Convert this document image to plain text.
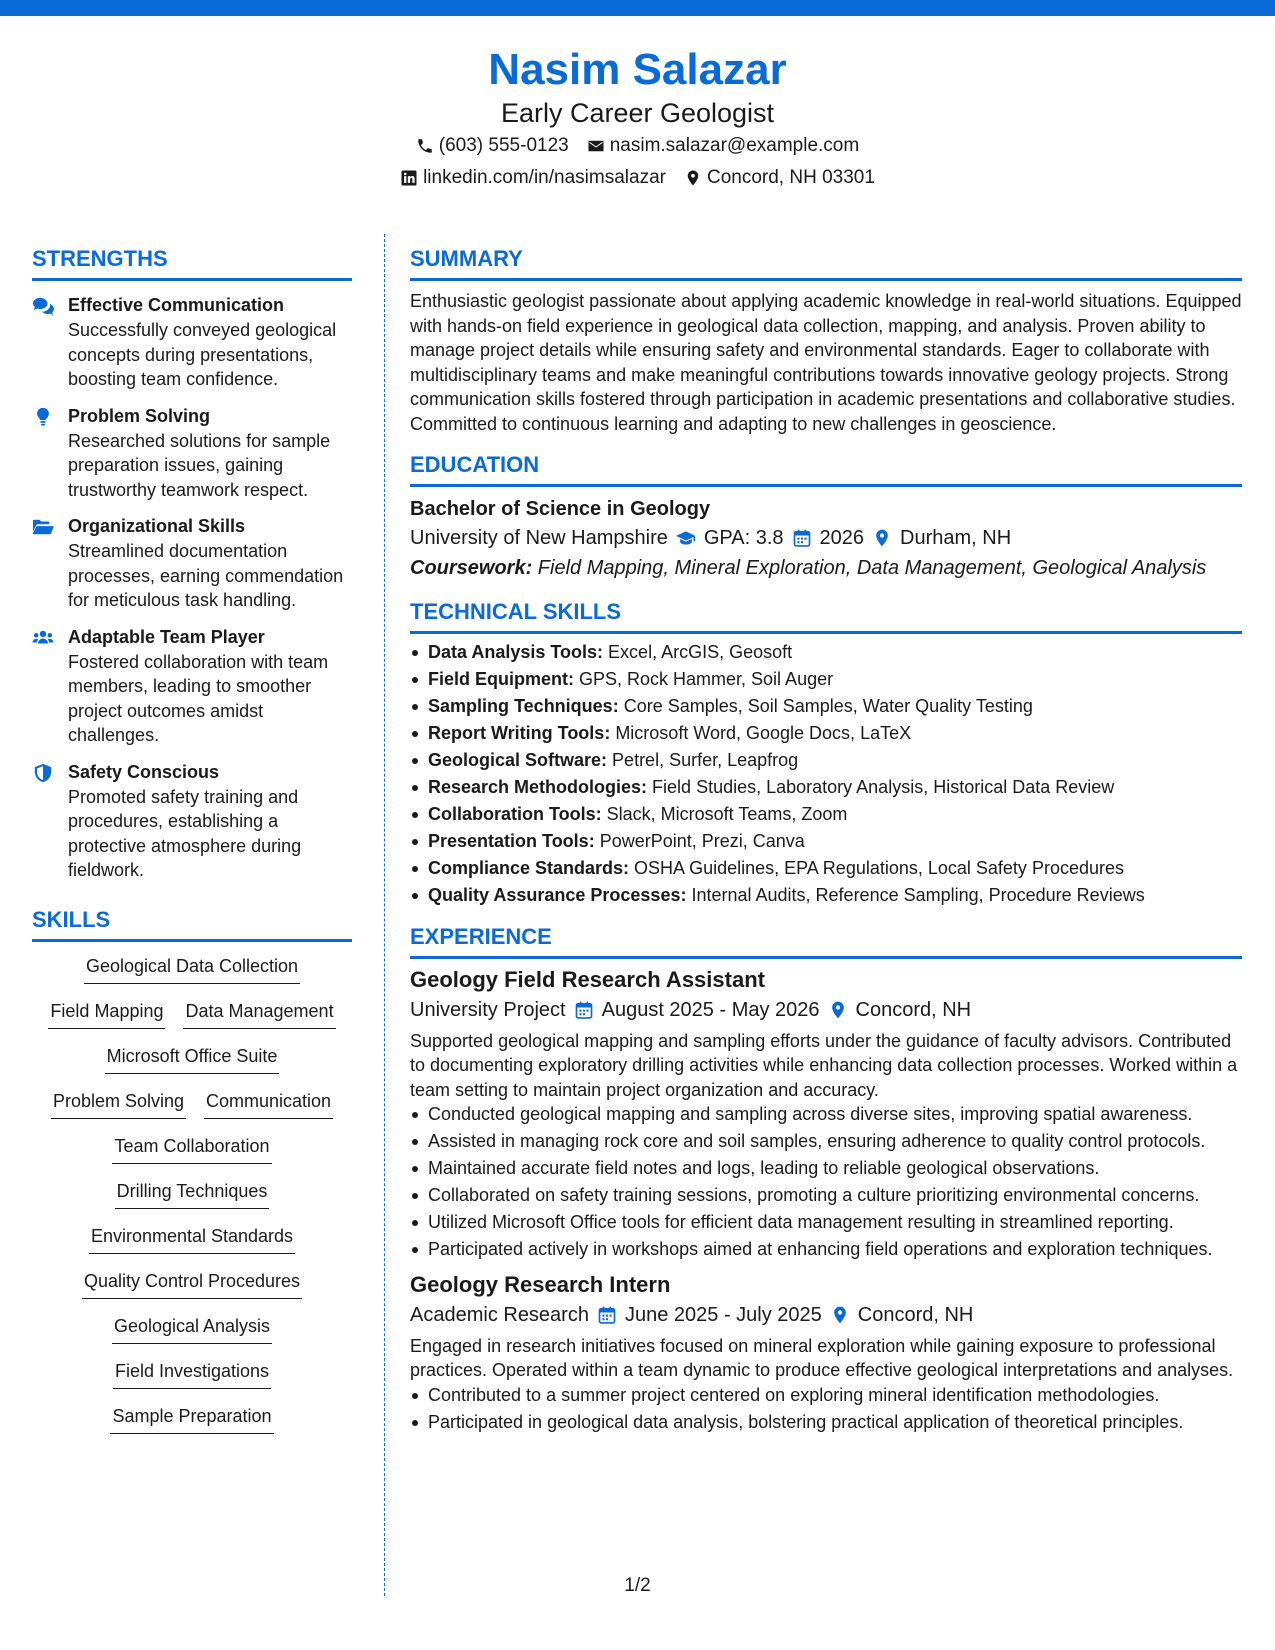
Nasim Salazar
Early Career Geologist
(603) 555-0123 nasim.salazar@example.com
linkedin.com/in/nasimsalazar Concord, NH 03301
STRENGTHS
Effective Communication
Successfully conveyed geological concepts during presentations, boosting team confidence.
Problem Solving
Researched solutions for sample preparation issues, gaining trustworthy teamwork respect.
Organizational Skills
Streamlined documentation processes, earning commendation for meticulous task handling.
Adaptable Team Player
Fostered collaboration with team members, leading to smoother project outcomes amidst challenges.
Safety Conscious
Promoted safety training and procedures, establishing a protective atmosphere during fieldwork.
SKILLS
Geological Data Collection
Field Mapping Data Management
Microsoft Office Suite
Problem Solving Communication
Team Collaboration
Drilling Techniques
Environmental Standards
Quality Control Procedures
Geological Analysis
Field Investigations
Sample Preparation
SUMMARY
Enthusiastic geologist passionate about applying academic knowledge in real-world situations. Equipped with hands-on field experience in geological data collection, mapping, and analysis. Proven ability to manage project details while ensuring safety and environmental standards. Eager to collaborate with multidisciplinary teams and make meaningful contributions towards innovative geology projects. Strong communication skills fostered through participation in academic presentations and collaborative studies. Committed to continuous learning and adapting to new challenges in geoscience.
EDUCATION
Bachelor of Science in Geology
University of New Hampshire GPA: 3.8 2026 Durham, NH
Coursework: Field Mapping, Mineral Exploration, Data Management, Geological Analysis
TECHNICAL SKILLS
Data Analysis Tools: Excel, ArcGIS, Geosoft
Field Equipment: GPS, Rock Hammer, Soil Auger
Sampling Techniques: Core Samples, Soil Samples, Water Quality Testing
Report Writing Tools: Microsoft Word, Google Docs, LaTeX
Geological Software: Petrel, Surfer, Leapfrog
Research Methodologies: Field Studies, Laboratory Analysis, Historical Data Review
Collaboration Tools: Slack, Microsoft Teams, Zoom
Presentation Tools: PowerPoint, Prezi, Canva
Compliance Standards: OSHA Guidelines, EPA Regulations, Local Safety Procedures
Quality Assurance Processes: Internal Audits, Reference Sampling, Procedure Reviews
EXPERIENCE
Geology Field Research Assistant
University Project August 2025 - May 2026 Concord, NH
Supported geological mapping and sampling efforts under the guidance of faculty advisors. Contributed to documenting exploratory drilling activities while enhancing data collection processes. Worked within a team setting to maintain project organization and accuracy.
Conducted geological mapping and sampling across diverse sites, improving spatial awareness.
Assisted in managing rock core and soil samples, ensuring adherence to quality control protocols.
Maintained accurate field notes and logs, leading to reliable geological observations.
Collaborated on safety training sessions, promoting a culture prioritizing environmental concerns.
Utilized Microsoft Office tools for efficient data management resulting in streamlined reporting.
Participated actively in workshops aimed at enhancing field operations and exploration techniques.
Geology Research Intern
Academic Research June 2025 - July 2025 Concord, NH
Engaged in research initiatives focused on mineral exploration while gaining exposure to professional practices. Operated within a team dynamic to produce effective geological interpretations and analyses.
Contributed to a summer project centered on exploring mineral identification methodologies.
Participated in geological data analysis, bolstering practical application of theoretical principles.
1/2
